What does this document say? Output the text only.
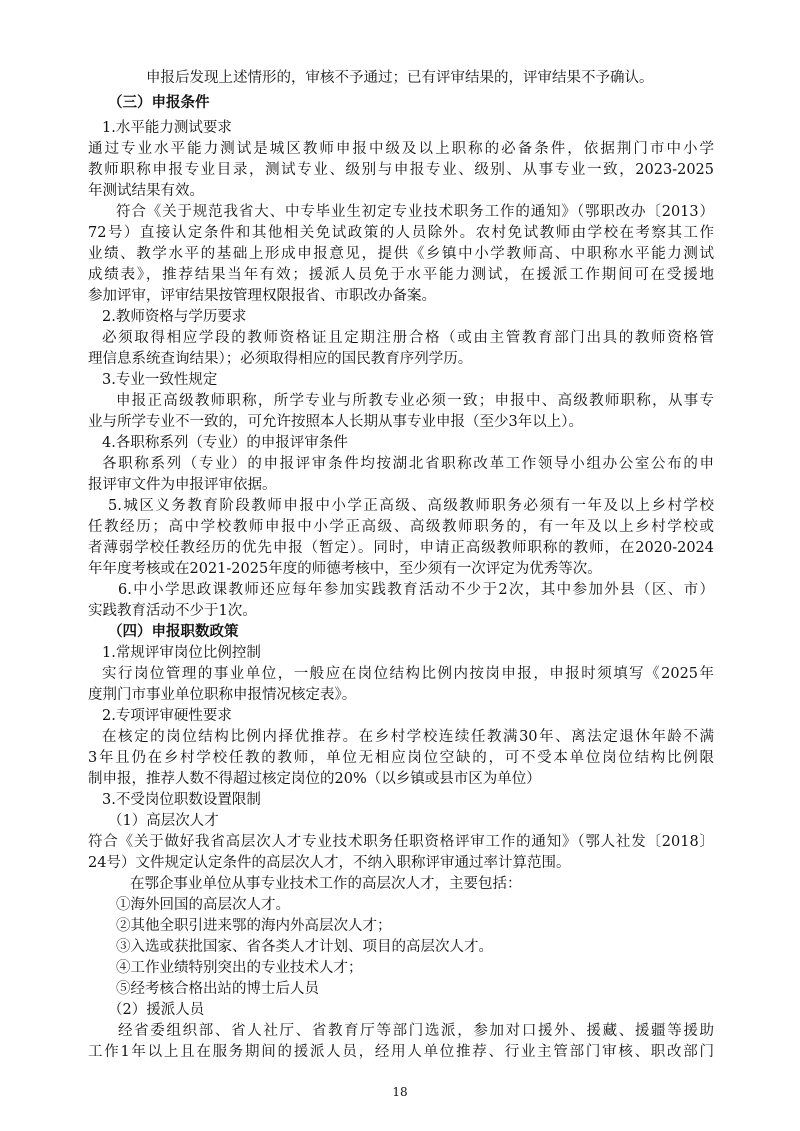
申报后发现上述情形的，审核不予通过；已有评审结果的，评审结果不予确认。
（三）申报条件
1.水平能力测试要求
通过专业水平能力测试是城区教师申报中级及以上职称的必备条件，依据荆门市中小学
教师职称申报专业目录，测试专业、级别与申报专业、级别、从事专业一致，2023-2025
年测试结果有效。
符合《关于规范我省大、中专毕业生初定专业技术职务工作的通知》（鄂职改办〔2013）
72号）直接认定条件和其他相关免试政策的人员除外。农村免试教师由学校在考察其工作
业绩、教学水平的基础上形成申报意见，提供《乡镇中小学教师高、中职称水平能力测试
成绩表》，推荐结果当年有效；援派人员免于水平能力测试，在援派工作期间可在受援地
参加评审，评审结果按管理权限报省、市职改办备案。
2.教师资格与学历要求
必须取得相应学段的教师资格证且定期注册合格（或由主管教育部门出具的教师资格管
理信息系统查询结果）；必须取得相应的国民教育序列学历。
3.专业一致性规定
申报正高级教师职称，所学专业与所教专业必须一致；申报中、高级教师职称，从事专
业与所学专业不一致的，可允许按照本人长期从事专业申报（至少3年以上）。
4.各职称系列（专业）的申报评审条件
各职称系列（专业）的申报评审条件均按湖北省职称改革工作领导小组办公室公布的申
报评审文件为申报评审依据。
5.城区义务教育阶段教师申报中小学正高级、高级教师职务必须有一年及以上乡村学校
任教经历；高中学校教师申报中小学正高级、高级教师职务的，有一年及以上乡村学校或
者薄弱学校任教经历的优先申报（暂定）。同时，申请正高级教师职称的教师，在2020-2024
年年度考核或在2021-2025年度的师德考核中，至少须有一次评定为优秀等次。
6.中小学思政课教师还应每年参加实践教育活动不少于2次，其中参加外县（区、市）
实践教育活动不少于1次。
（四）申报职数政策
1.常规评审岗位比例控制
实行岗位管理的事业单位，一般应在岗位结构比例内按岗申报，申报时须填写《2025年
度荆门市事业单位职称申报情况核定表》。
2.专项评审硬性要求
在核定的岗位结构比例内择优推荐。在乡村学校连续任教满30年、离法定退休年龄不满
3年且仍在乡村学校任教的教师，单位无相应岗位空缺的，可不受本单位岗位结构比例限
制申报，推荐人数不得超过核定岗位的20%（以乡镇或县市区为单位）
3.不受岗位职数设置限制
（1）高层次人才
符合《关于做好我省高层次人才专业技术职务任职资格评审工作的通知》（鄂人社发〔2018〕
24号）文件规定认定条件的高层次人才，不纳入职称评审通过率计算范围。
在鄂企事业单位从事专业技术工作的高层次人才，主要包括：
①海外回国的高层次人才。
②其他全职引进来鄂的海内外高层次人才；
③入选或获批国家、省各类人才计划、项目的高层次人才。
④工作业绩特别突出的专业技术人才；
⑤经考核合格出站的博士后人员
（2）援派人员
经省委组织部、省人社厅、省教育厅等部门选派，参加对口援外、援藏、援疆等援助
工作1年以上且在服务期间的援派人员，经用人单位推荐、行业主管部门审核、职改部门
18
